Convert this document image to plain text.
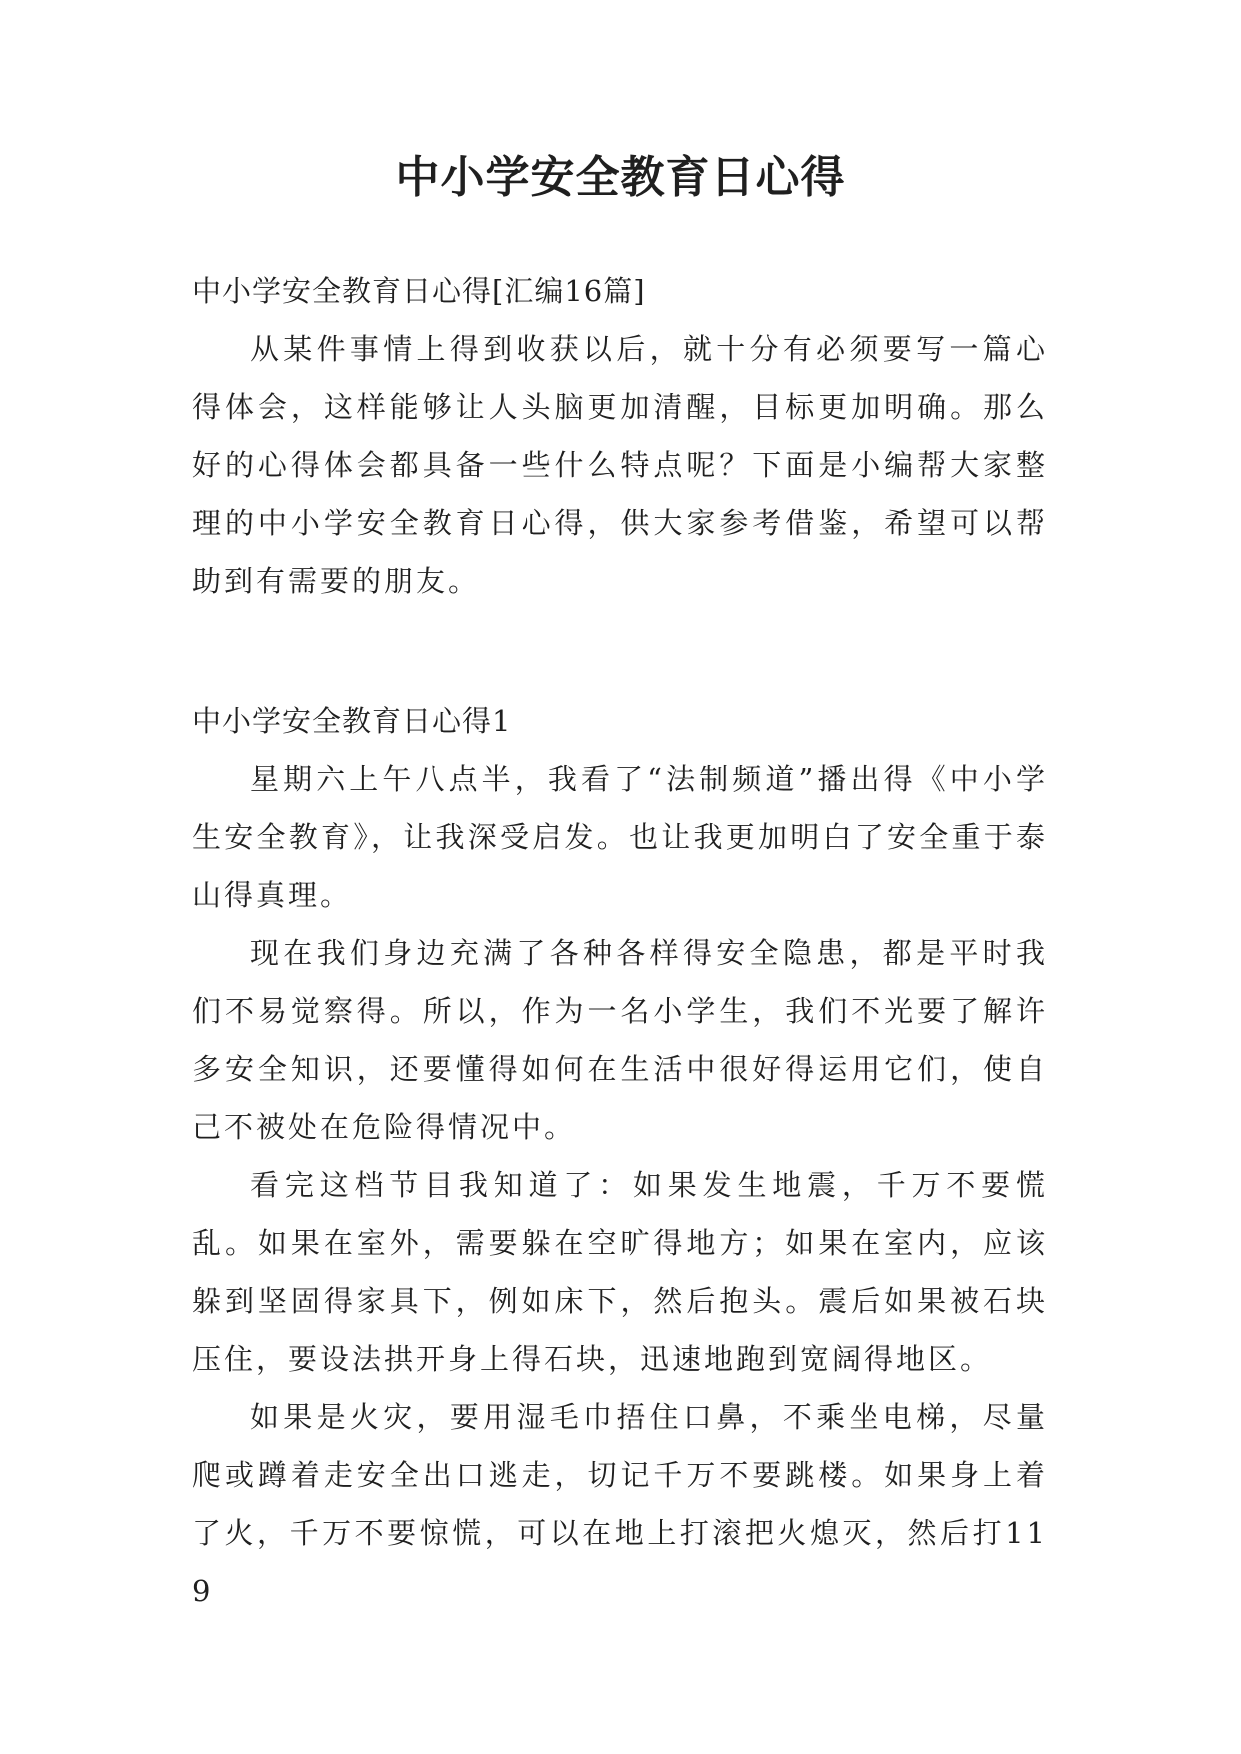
中小学安全教育日心得

中小学安全教育日心得[汇编16篇]

从某件事情上得到收获以后，就十分有必须要写一篇心得体会，这样能够让人头脑更加清醒，目标更加明确。那么好的心得体会都具备一些什么特点呢？下面是小编帮大家整理的中小学安全教育日心得，供大家参考借鉴，希望可以帮助到有需要的朋友。

中小学安全教育日心得1

星期六上午八点半，我看了“法制频道”播出得《中小学生安全教育》，让我深受启发。也让我更加明白了安全重于泰山得真理。

现在我们身边充满了各种各样得安全隐患，都是平时我们不易觉察得。所以，作为一名小学生，我们不光要了解许多安全知识，还要懂得如何在生活中很好得运用它们，使自己不被处在危险得情况中。

看完这档节目我知道了：如果发生地震，千万不要慌乱。如果在室外，需要躲在空旷得地方；如果在室内，应该躲到坚固得家具下，例如床下，然后抱头。震后如果被石块压住，要设法拱开身上得石块，迅速地跑到宽阔得地区。

如果是火灾，要用湿毛巾捂住口鼻，不乘坐电梯，尽量爬或蹲着走安全出口逃走，切记千万不要跳楼。如果身上着了火，千万不要惊慌，可以在地上打滚把火熄灭，然后打119
